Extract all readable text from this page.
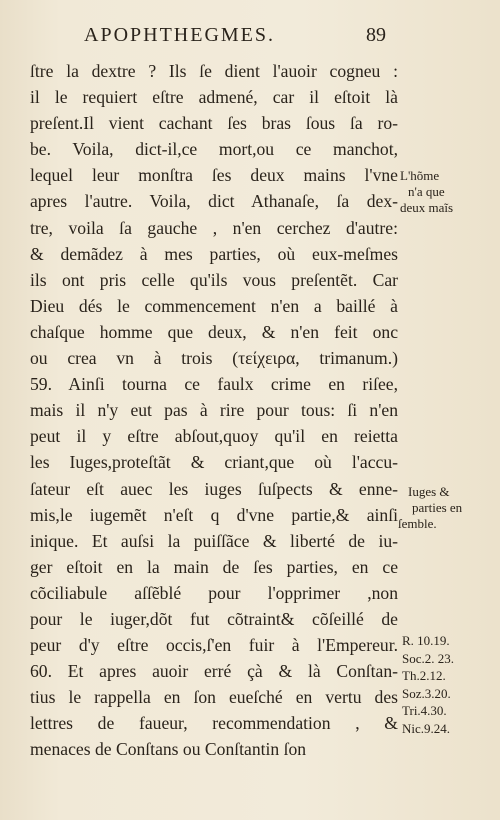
APOPHTHEGMES.	89
ſtre la dextre ? Ils ſe dient l'auoir cogneu :
il le requiert eſtre admené, car il eſtoit là
preſent.Il vient cachant ſes bras ſous ſa ro-
be. Voila, dict-il,ce mort,ou ce manchot,
lequel leur monſtra ſes deux mains l'vne
apres l'autre. Voila, dict Athanaſe, ſa dex-
tre, voila ſa gauche , n'en cerchez d'autre:
& demãdez à mes parties, où eux-meſmes
ils ont pris celle qu'ils vous preſentẽt. Car
Dieu dés le commencement n'en a baillé à
chaſque homme que deux, & n'en feit onc
ou crea vn à trois (τείχειρα, trimanum.)
59. Ainſi tourna ce faulx crime en riſee,
mais il n'y eut pas à rire pour tous: ſi n'en
peut il y eſtre abſout,quoy qu'il en reietta
les Iuges,proteſtãt & criant,que où l'accu-
ſateur eſt auec les iuges ſuſpects & enne-
mis,le iugemẽt n'eſt q d'vne partie,& ainſi
inique. Et auſsi la puiſſãce & liberté de iu-
ger eſtoit en la main de ſes parties, en ce
cõciliabule aſſẽblé pour l'opprimer ,non
pour le iuger,dõt fut cõtraint& cõſeillé de
peur d'y eſtre occis,ſ'en fuir à l'Empereur.
60. Et apres auoir erré çà & là Conſtan-
tius le rappella en ſon eueſché en vertu des
lettres de faueur, recommendation , &
menaces de Conſtans ou Conſtantin ſon
L'hõme
n'a que
deux maĩs
Iuges &
parties en
ſemble.
R. 10.19.
Soc.2. 23.
Th.2.12.
Soz.3.20.
Tri.4.30.
Nic.9.24.
